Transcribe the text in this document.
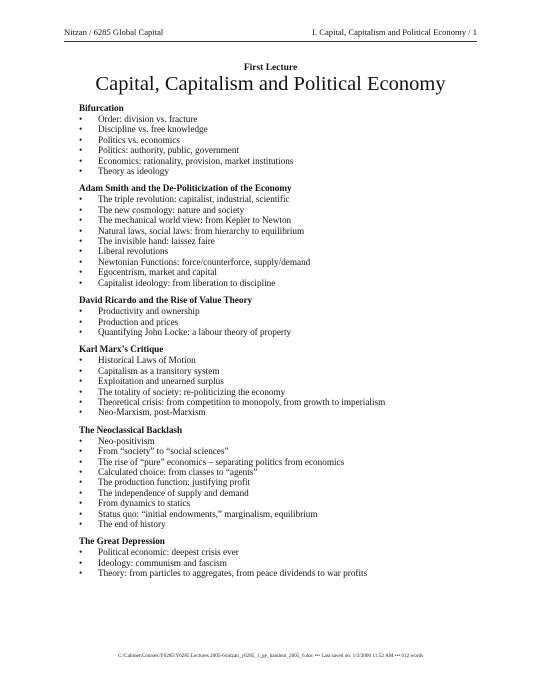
Nitzan / 6285 Global Capital	I. Capital, Capitalism and Political Economy / 1
First Lecture
Capital, Capitalism and Political Economy
Bifurcation
• Order: division vs. fracture
• Discipline vs. free knowledge
• Politics vs. economics
• Politics: authority, public, government
• Economics: rationality, provision, market institutions
• Theory as ideology
Adam Smith and the De-Politicization of the Economy
• The triple revolution: capitalist, industrial, scientific
• The new cosmology: nature and society
• The mechanical world view: from Kepler to Newton
• Natural laws, social laws: from hierarchy to equilibrium
• The invisible hand: laissez faire
• Liberal revolutions
• Newtonian Functions: force/counterforce, supply/demand
• Egocentrism, market and capital
• Capitalist ideology: from liberation to discipline
David Ricardo and the Rise of Value Theory
• Productivity and ownership
• Production and prices
• Quantifying John Locke: a labour theory of property
Karl Marx’s Critique
• Historical Laws of Motion
• Capitalism as a transitory system
• Exploitation and unearned surplus
• The totality of society: re-politicizing the economy
• Theoretical crisis: from competition to monopoly, from growth to imperialism
• Neo-Marxism, post-Marxism
The Neoclassical Backlash
• Neo-positivism
• From “society” to “social sciences”
• The rise of “pure” economics – separating politics from economics
• Calculated choice: from classes to “agents”
• The production function: justifying profit
• The independence of supply and demand
• From dynamics to statics
• Status quo: “initial endowments,” marginalism, equilibrium
• The end of history
The Great Depression
• Political economic: deepest crisis ever
• Ideology: communism and fascism
• Theory: from particles to aggregates, from peace dividends to war profits
C:\Cabinet\Courses\Y6285\Y6285 Lectures 2005-6\nitzan_y6285_1_ge_handout_2005_6.doc ••• Last saved on: 1/3/2006 11:52 AM ••• 612 words
